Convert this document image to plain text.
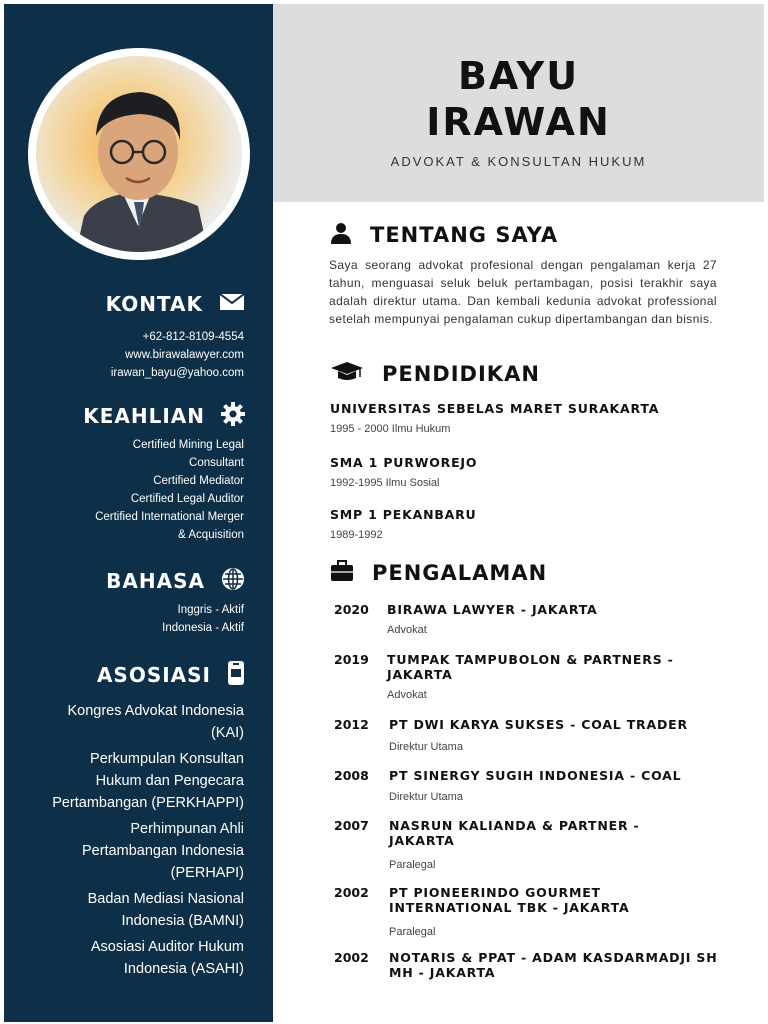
KONTAK
+62-812-8109-4554
www.birawalawyer.com
irawan_bayu@yahoo.com
KEAHLIAN
Certified Mining Legal
Consultant
Certified Mediator
Certified Legal Auditor
Certified International Merger
& Acquisition
BAHASA
Inggris - Aktif
Indonesia - Aktif
ASOSIASI
Kongres Advokat Indonesia (KAI)
Perkumpulan Konsultan Hukum dan Pengecara Pertambangan (PERKHAPPI)
Perhimpunan Ahli Pertambangan Indonesia (PERHAPI)
Badan Mediasi Nasional Indonesia (BAMNI)
Asosiasi Auditor Hukum Indonesia (ASAHI)
BAYU
IRAWAN
ADVOKAT & KONSULTAN HUKUM
TENTANG SAYA
Saya seorang advokat profesional dengan pengalaman kerja 27 tahun, menguasai seluk beluk pertambagan, posisi terakhir saya adalah direktur utama. Dan kembali kedunia advokat professional setelah mempunyai pengalaman cukup dipertambangan dan bisnis.
PENDIDIKAN
UNIVERSITAS SEBELAS MARET SURAKARTA
1995 - 2000 Ilmu Hukum
SMA 1 PURWOREJO
1992-1995 Ilmu Sosial
SMP 1 PEKANBARU
1989-1992
PENGALAMAN
2020 BIRAWA LAWYER - JAKARTA
Advokat
2019 TUMPAK TAMPUBOLON & PARTNERS - JAKARTA
Advokat
2012 PT DWI KARYA SUKSES - COAL TRADER
Direktur Utama
2008 PT SINERGY SUGIH INDONESIA - COAL
Direktur Utama
2007 NASRUN KALIANDA & PARTNER - JAKARTA
Paralegal
2002 PT PIONEERINDO GOURMET INTERNATIONAL TBK - JAKARTA
Paralegal
2002 NOTARIS & PPAT - ADAM KASDARMADJI SH MH - JAKARTA
